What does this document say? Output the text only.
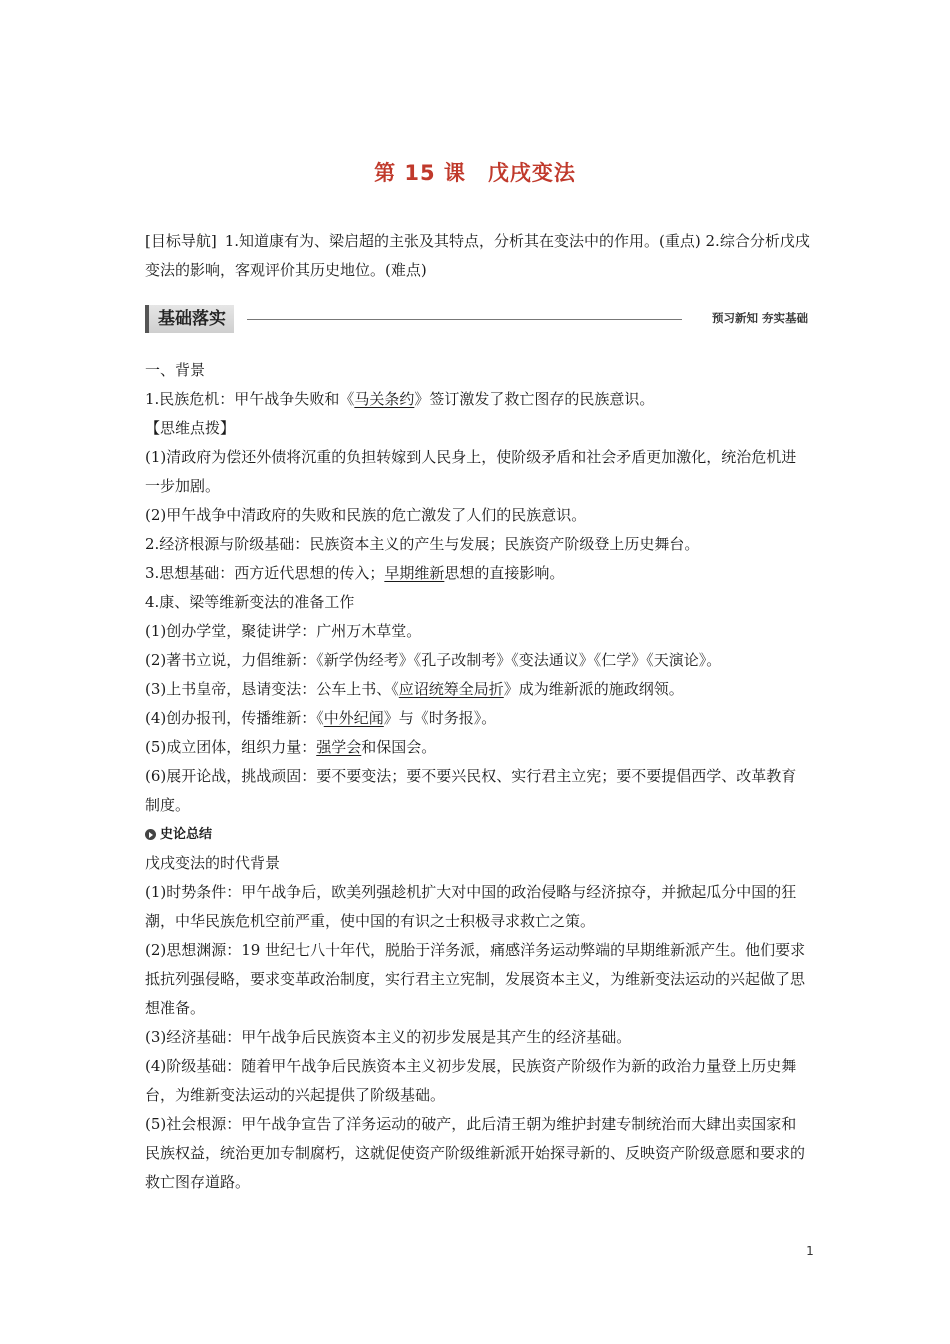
第 15 课 戊戌变法
[目标导航] 1.知道康有为、梁启超的主张及其特点，分析其在变法中的作用。(重点) 2.综合分析戊戌变法的影响，客观评价其历史地位。(难点)
基础落实	预习新知 夯实基础

一、背景

1.民族危机：甲午战争失败和《马关条约》签订激发了救亡图存的民族意识。

【思维点拨】

(1)清政府为偿还外债将沉重的负担转嫁到人民身上，使阶级矛盾和社会矛盾更加激化，统治危机进一步加剧。

(2)甲午战争中清政府的失败和民族的危亡激发了人们的民族意识。

2.经济根源与阶级基础：民族资本主义的产生与发展；民族资产阶级登上历史舞台。

3.思想基础：西方近代思想的传入；早期维新思想的直接影响。

4.康、梁等维新变法的准备工作

(1)创办学堂，聚徒讲学：广州万木草堂。

(2)著书立说，力倡维新：《新学伪经考》《孔子改制考》《变法通议》《仁学》《天演论》。

(3)上书皇帝，恳请变法：公车上书、《应诏统筹全局折》成为维新派的施政纲领。

(4)创办报刊，传播维新：《中外纪闻》与《时务报》。

(5)成立团体，组织力量：强学会和保国会。

(6)展开论战，挑战顽固：要不要变法；要不要兴民权、实行君主立宪；要不要提倡西学、改革教育制度。

史论总结

戊戌变法的时代背景

(1)时势条件：甲午战争后，欧美列强趁机扩大对中国的政治侵略与经济掠夺，并掀起瓜分中国的狂潮，中华民族危机空前严重，使中国的有识之士积极寻求救亡之策。

(2)思想渊源：19 世纪七八十年代，脱胎于洋务派，痛感洋务运动弊端的早期维新派产生。他们要求抵抗列强侵略，要求变革政治制度，实行君主立宪制，发展资本主义，为维新变法运动的兴起做了思想准备。

(3)经济基础：甲午战争后民族资本主义的初步发展是其产生的经济基础。

(4)阶级基础：随着甲午战争后民族资本主义初步发展，民族资产阶级作为新的政治力量登上历史舞台，为维新变法运动的兴起提供了阶级基础。

(5)社会根源：甲午战争宣告了洋务运动的破产，此后清王朝为维护封建专制统治而大肆出卖国家和民族权益，统治更加专制腐朽，这就促使资产阶级维新派开始探寻新的、反映资产阶级意愿和要求的救亡图存道路。

1
